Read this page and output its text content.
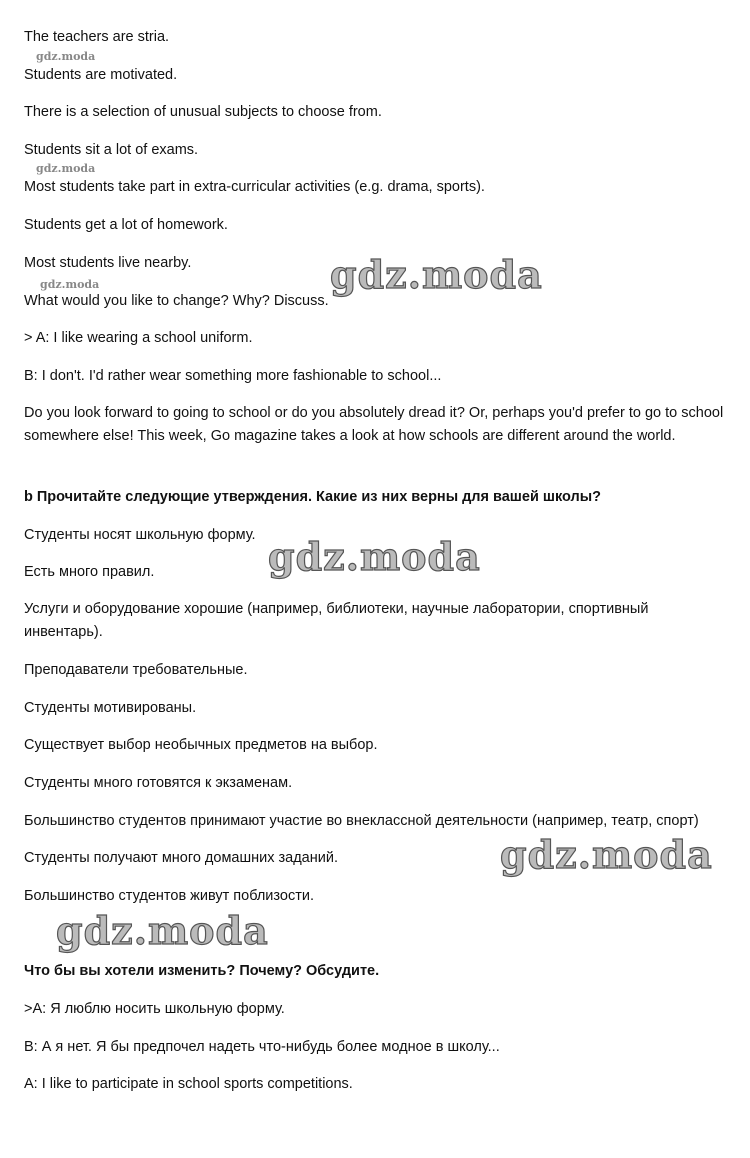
The teachers are stria.
Students are motivated.
There is a selection of unusual subjects to choose from.
Students sit a lot of exams.
Most students take part in extra-curricular activities (e.g. drama, sports).
Students get a lot of homework.
Most students live nearby.
What would you like to change? Why? Discuss.
> A: I like wearing a school uniform.
B: I don't. I'd rather wear something more fashionable to school...
Do you look forward to going to school or do you absolutely dread it? Or, perhaps you'd prefer to go to school somewhere else! This week, Go magazine takes a look at how schools are different around the world.
b Прочитайте следующие утверждения. Какие из них верны для вашей школы?
Студенты носят школьную форму.
Есть много правил.
Услуги и оборудование хорошие (например, библиотеки, научные лаборатории, спортивный инвентарь).
Преподаватели требовательные.
Студенты мотивированы.
Существует выбор необычных предметов на выбор.
Студенты много готовятся к экзаменам.
Большинство студентов принимают участие во внеклассной деятельности (например, театр, спорт)
Студенты получают много домашних заданий.
Большинство студентов живут поблизости.
Что бы вы хотели изменить? Почему? Обсудите.
>A: Я люблю носить школьную форму.
B: А я нет. Я бы предпочел надеть что-нибудь более модное в школу...
A: I like to participate in school sports competitions.
gdz.moda
gdz.moda
gdz.moda	gdz.moda
gdz.moda
gdz.moda
gdz.moda
